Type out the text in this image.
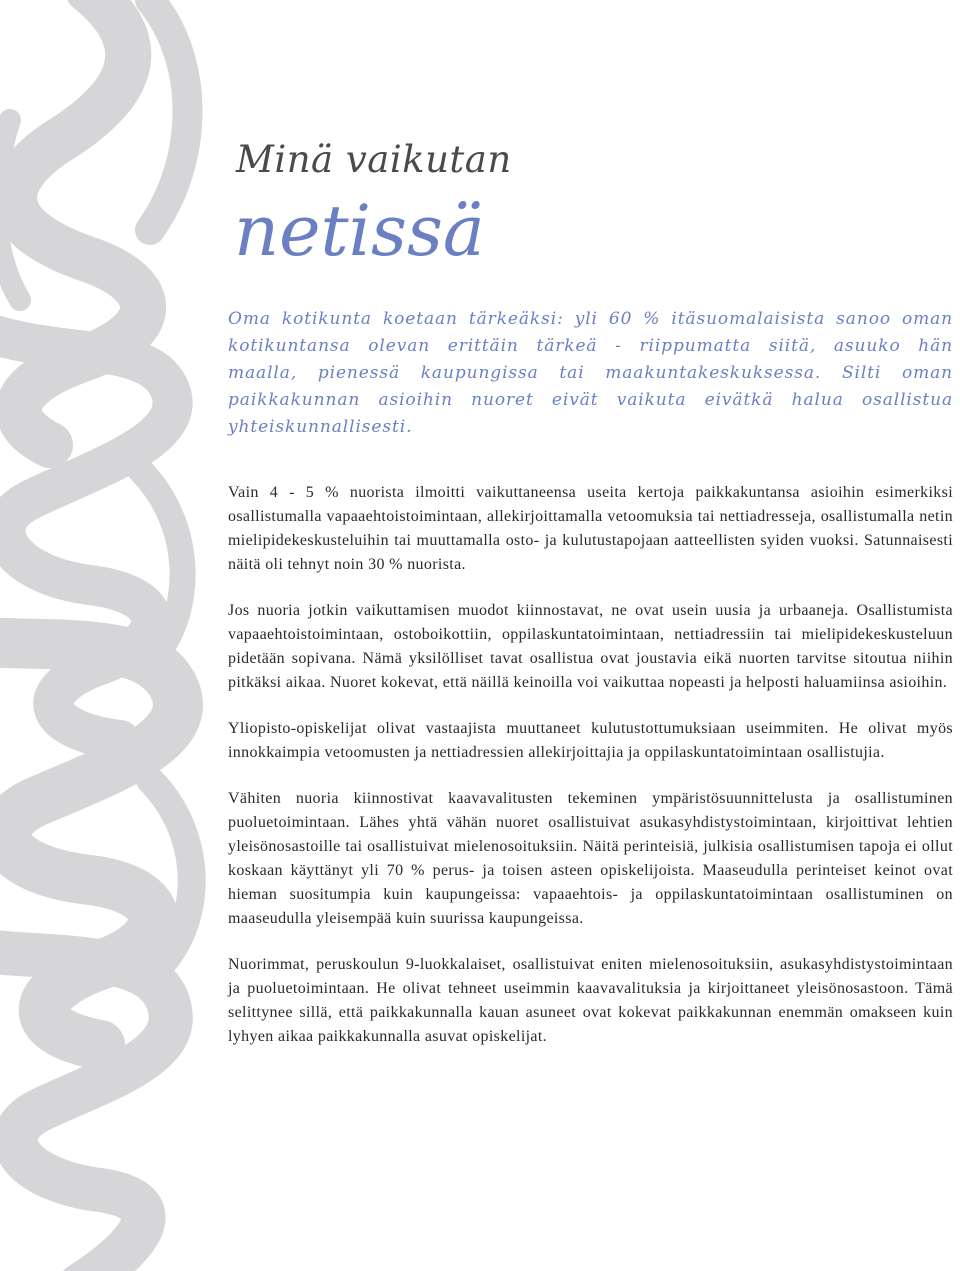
Minä vaikutan
netissä
Oma kotikunta koetaan tärkeäksi: yli 60 % itäsuomalaisista sanoo oman kotikuntansa olevan erittäin tärkeä - riippumatta siitä, asuuko hän maalla, pienessä kaupungissa tai maakuntakeskuksessa. Silti oman paikkakunnan asioihin nuoret eivät vaikuta eivätkä halua osallistua yhteiskunnallisesti.

Vain 4 - 5 % nuorista ilmoitti vaikuttaneensa useita kertoja paikkakuntansa asioihin esimerkiksi osallistumalla vapaaehtoistoimintaan, allekirjoittamalla vetoomuksia tai nettiadresseja, osallistumalla netin mielipidekeskusteluihin tai muuttamalla osto- ja kulutustapojaan aatteellisten syiden vuoksi. Satunnaisesti näitä oli tehnyt noin 30 % nuorista.

Jos nuoria jotkin vaikuttamisen muodot kiinnostavat, ne ovat usein uusia ja urbaaneja. Osallistumista vapaaehtoistoimintaan, ostoboikottiin, oppilaskuntatoimintaan, nettiadressiin tai mielipidekeskusteluun pidetään sopivana. Nämä yksilölliset tavat osallistua ovat joustavia eikä nuorten tarvitse sitoutua niihin pitkäksi aikaa. Nuoret kokevat, että näillä keinoilla voi vaikuttaa nopeasti ja helposti haluamiinsa asioihin.

Yliopisto-opiskelijat olivat vastaajista muuttaneet kulutustottumuksiaan useimmiten. He olivat myös innokkaimpia vetoomusten ja nettiadressien allekirjoittajia ja oppilaskuntatoimintaan osallistujia.

Vähiten nuoria kiinnostivat kaavavalitusten tekeminen ympäristösuunnittelusta ja osallistuminen puoluetoimintaan. Lähes yhtä vähän nuoret osallistuivat asukasyhdistystoimintaan, kirjoittivat lehtien yleisönosastoille tai osallistuivat mielenosoituksiin. Näitä perinteisiä, julkisia osallistumisen tapoja ei ollut koskaan käyttänyt yli 70 % perus- ja toisen asteen opiskelijoista. Maaseudulla perinteiset keinot ovat hieman suositumpia kuin kaupungeissa: vapaaehtois- ja oppilaskuntatoimintaan osallistuminen on maaseudulla yleisempää kuin suurissa kaupungeissa.

Nuorimmat, peruskoulun 9-luokkalaiset, osallistuivat eniten mielenosoituksiin, asukasyhdistystoimintaan ja puoluetoimintaan. He olivat tehneet useimmin kaavavalituksia ja kirjoittaneet yleisönosastoon. Tämä selittynee sillä, että paikkakunnalla kauan asuneet ovat kokevat paikkakunnan enemmän omakseen kuin lyhyen aikaa paikkakunnalla asuvat opiskelijat.
